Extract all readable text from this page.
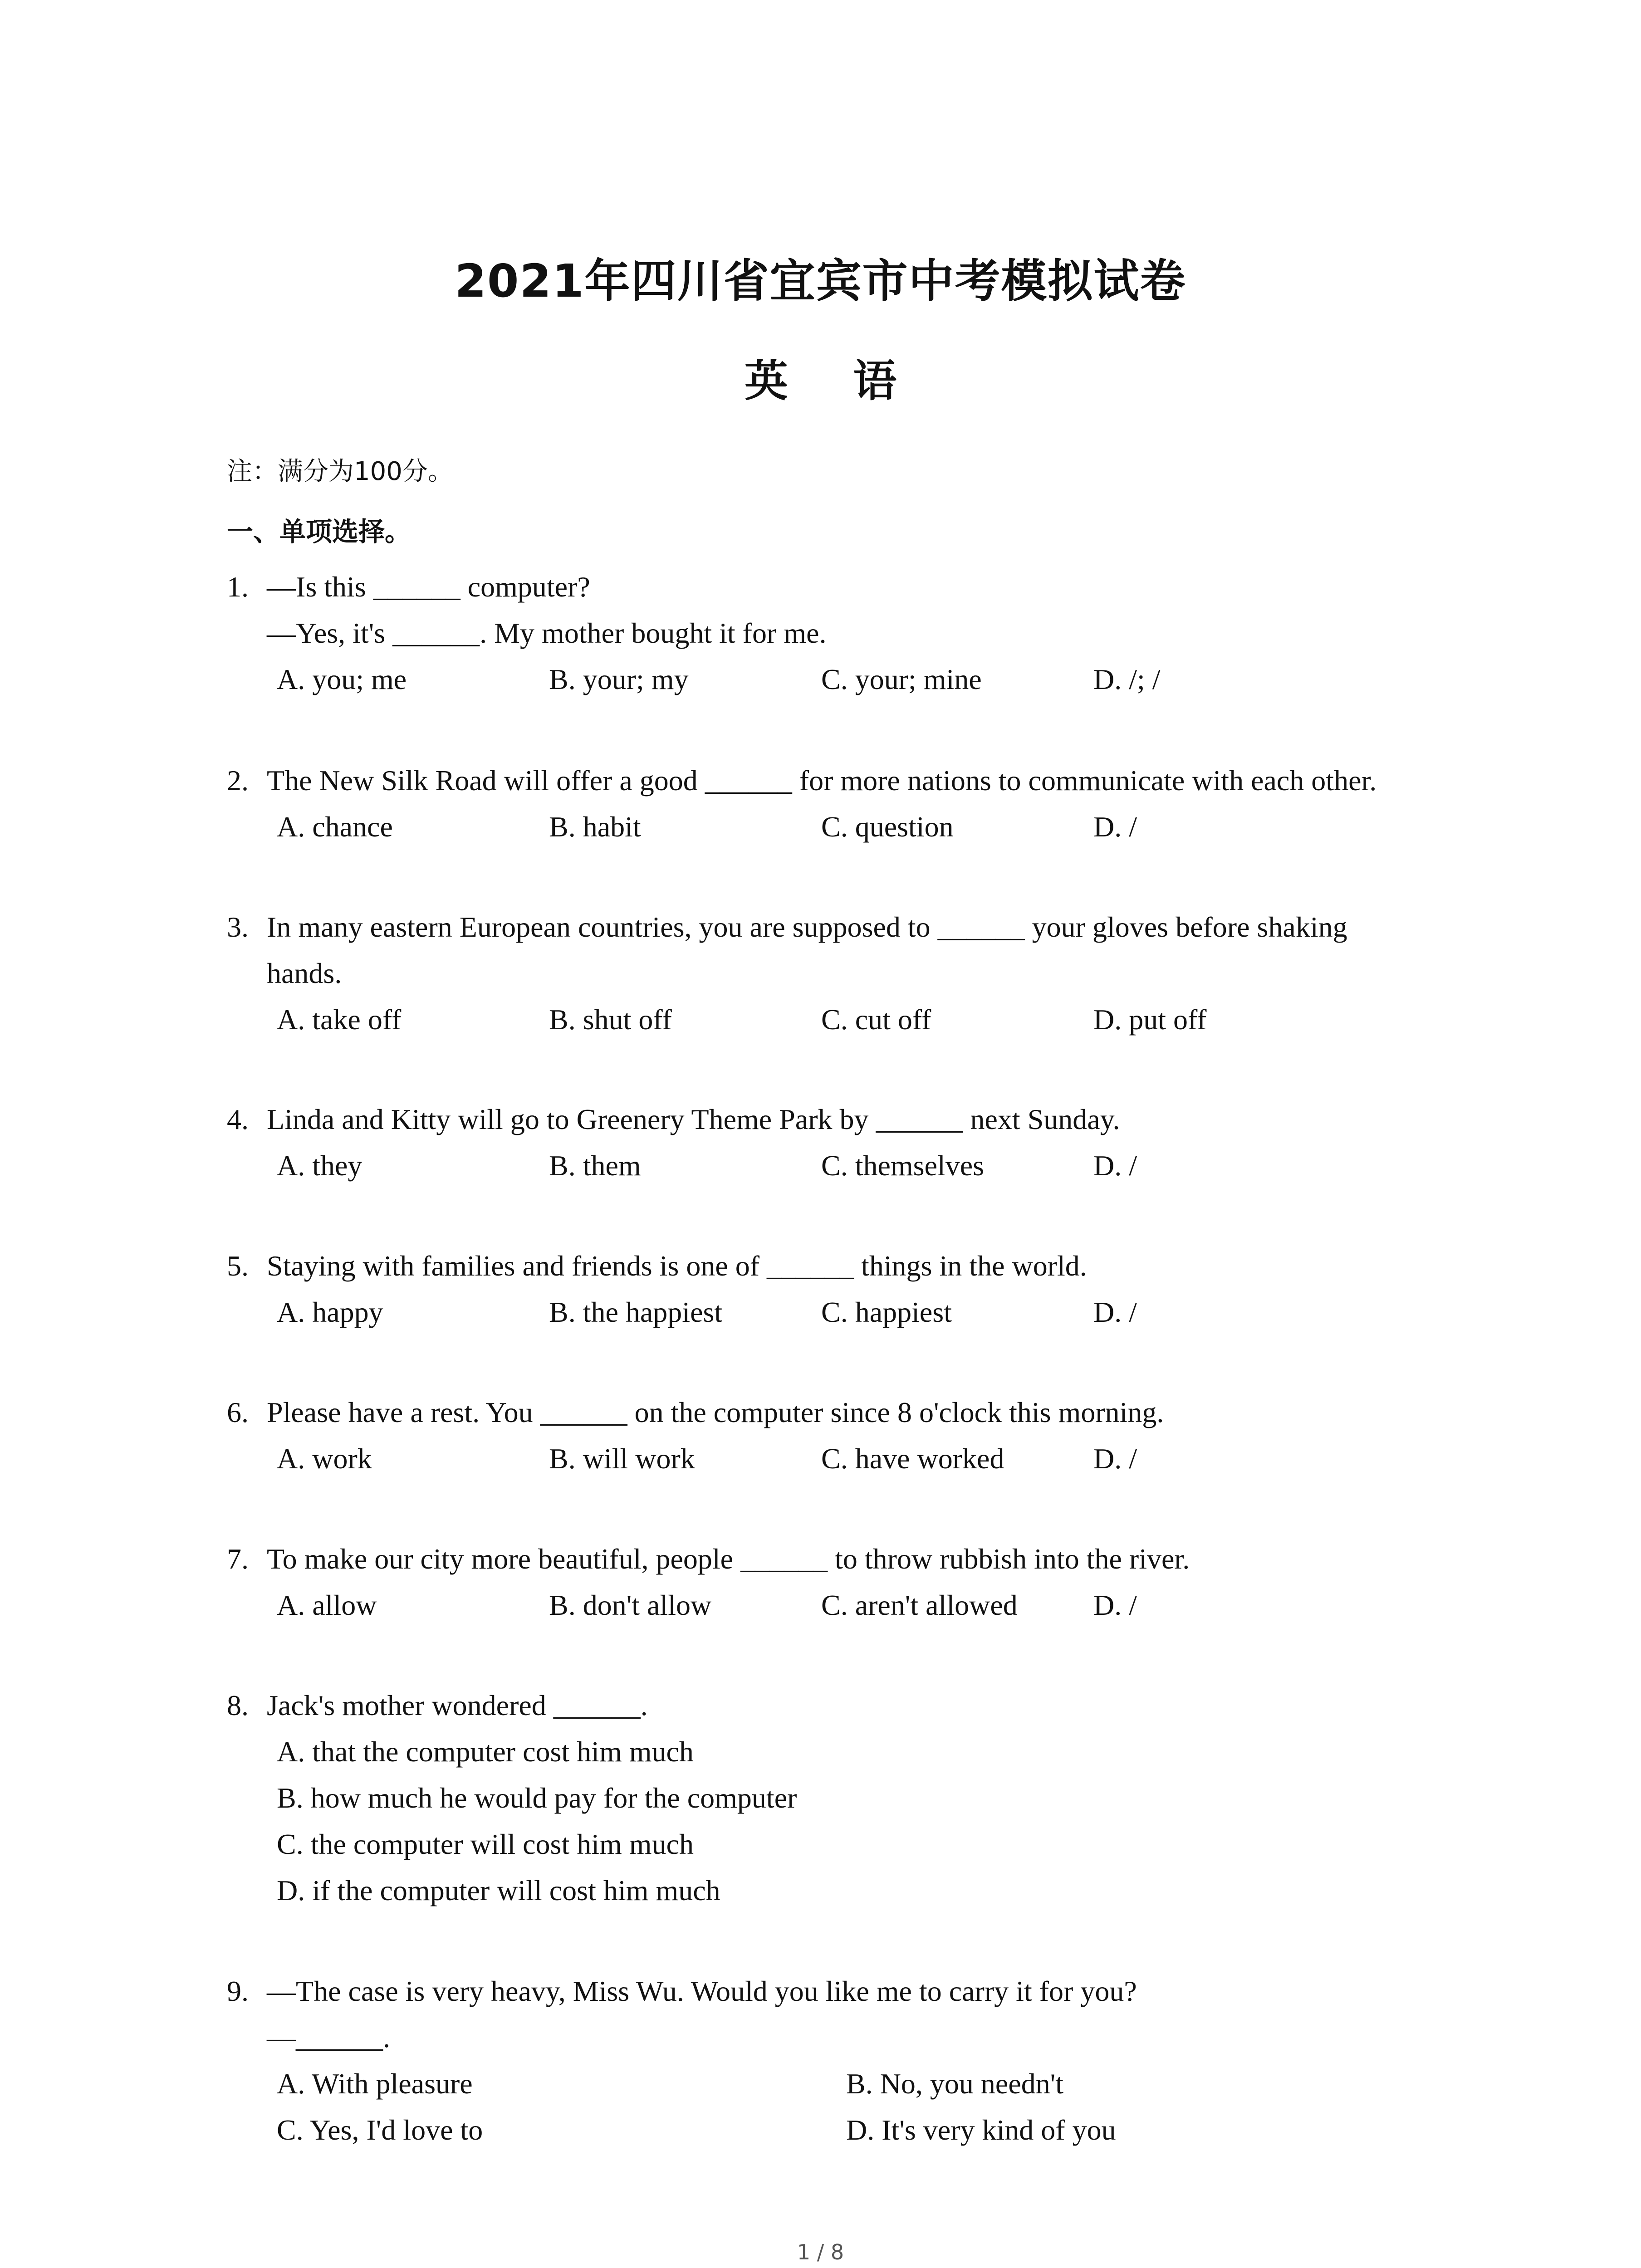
2021年四川省宜宾市中考模拟试卷
英 语
注：满分为100分。
一、单项选择。
1. —Is this ______ computer?
—Yes, it's ______. My mother bought it for me.
A. you; me	B. your; my	C. your; mine	D. /; /
2. The New Silk Road will offer a good ______ for more nations to communicate with each other.
A. chance	B. habit	C. question	D. /
3. In many eastern European countries, you are supposed to ______ your gloves before shaking
hands.
A. take off	B. shut off	C. cut off	D. put off
4. Linda and Kitty will go to Greenery Theme Park by ______ next Sunday.
A. they	B. them	C. themselves	D. /
5. Staying with families and friends is one of ______ things in the world.
A. happy	B. the happiest	C. happiest	D. /
6. Please have a rest. You ______ on the computer since 8 o'clock this morning.
A. work	B. will work	C. have worked	D. /
7. To make our city more beautiful, people ______ to throw rubbish into the river.
A. allow	B. don't allow	C. aren't allowed	D. /
8. Jack's mother wondered ______.
A. that the computer cost him much
B. how much he would pay for the computer
C. the computer will cost him much
D. if the computer will cost him much
9. —The case is very heavy, Miss Wu. Would you like me to carry it for you?
—______.
A. With pleasure	B. No, you needn't
C. Yes, I'd love to	D. It's very kind of you
1 / 8
